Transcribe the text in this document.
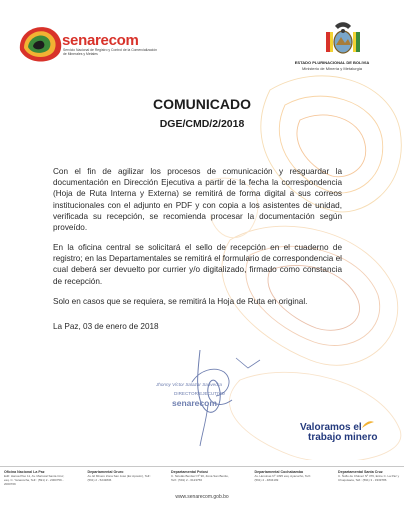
senarecom
Servicio Nacional de Registro y Control de la Comercialización de Minerales y Metales
ESTADO PLURINACIONAL DE BOLIVIA
Ministerio de Minería y Metalurgia
COMUNICADO
DGE/CMD/2/2018
Con el fin de agilizar los procesos de comunicación y resguardar la documentación en Dirección Ejecutiva a partir de la fecha la correspondencia (Hoja de Ruta Interna y Externa) se remitirá de forma digital a sus correos institucionales con el adjunto en PDF y con copia a los asistentes de unidad, verificada su recepción, se recomienda procesar la documentación según proveído.
En la oficina central se solicitará el sello de recepción en el cuaderno de registro; en las Departamentales se remitirá el formulario de correspondencia el cual deberá ser devuelto por currier y/o digitalizado, firmado como constancia de recepción.
Solo en casos que se requiera, se remitirá la Hoja de Ruta en original.
La Paz, 03 de enero de 2018
Jhonny Víctor Salazar Saavedra
DIRECTOR EJECUTIVO
senarecom
Valoramos el
trabajo minero
Oficina Nacional La Paz
Edif. Hansa Piso 11, Av. Mariscal Santa Cruz, esq. C. Yanacocha, Telf.: (591) 2 - 2000759 - 2000769
Departamental Oruro
Av. El Minero Zona San José (Ex Aposim), Telf.: (591) 2 - 5243836
Departamental Potosí
C. Nicolás Benítez Nº 90, Zona San Benito, Telf.: (591) 2 - 6123756
Departamental Cochabamba
Av. Heroinas Nº 1395 esq. Ayacucho, Telf.: (591) 4 - 4834199
Departamental Santa Cruz
C. Ñuflo de Chávez Nº 376, Entre C. La Paz y Chuquisaca, Telf.: (591) 3 - 3339786
www.senarecom.gob.bo
